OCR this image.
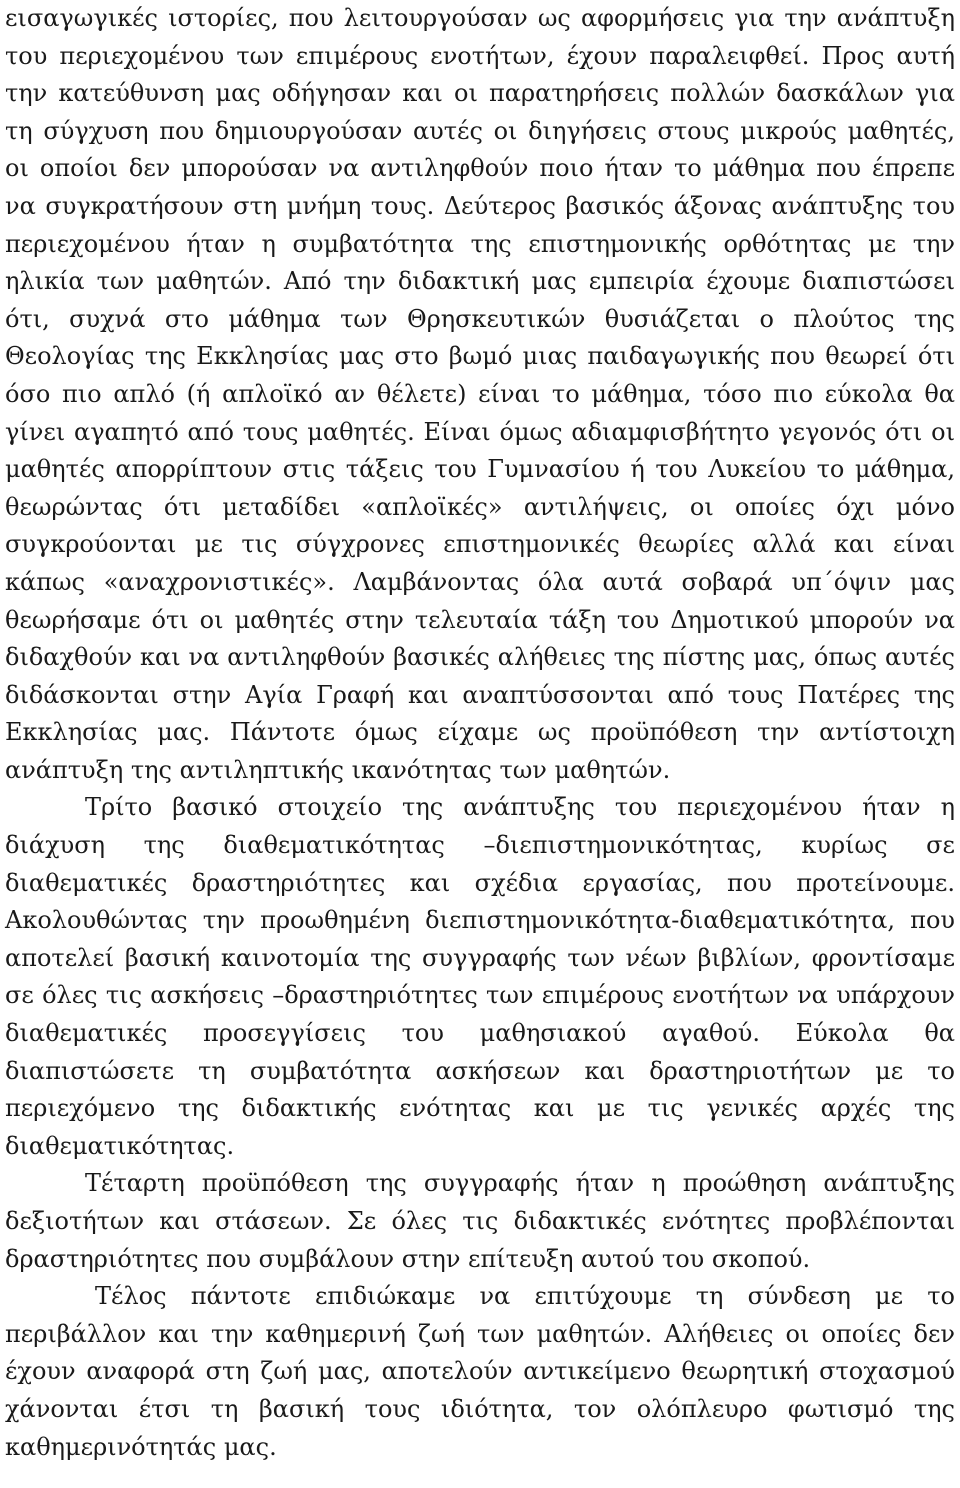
εισαγωγικές ιστορίες, που λειτουργούσαν ως αφορμήσεις για την ανάπτυξη του περιεχομένου των επιμέρους ενοτήτων, έχουν παραλειφθεί. Προς αυτή την κατεύθυνση μας οδήγησαν και οι παρατηρήσεις πολλών δασκάλων για τη σύγχυση που δημιουργούσαν αυτές οι διηγήσεις στους μικρούς μαθητές, οι οποίοι δεν μπορούσαν να αντιληφθούν ποιο ήταν το μάθημα που έπρεπε να συγκρατήσουν στη μνήμη τους. Δεύτερος βασικός άξονας ανάπτυξης του περιεχομένου ήταν η συμβατότητα της επιστημονικής ορθότητας με την ηλικία των μαθητών. Από την διδακτική μας εμπειρία έχουμε διαπιστώσει ότι, συχνά στο μάθημα των Θρησκευτικών θυσιάζεται ο πλούτος της Θεολογίας της Εκκλησίας μας στο βωμό μιας παιδαγωγικής που θεωρεί ότι όσο πιο απλό (ή απλοϊκό αν θέλετε) είναι το μάθημα, τόσο πιο εύκολα θα γίνει αγαπητό από τους μαθητές. Είναι όμως αδιαμφισβήτητο γεγονός ότι οι μαθητές απορρίπτουν στις τάξεις του Γυμνασίου ή του Λυκείου το μάθημα, θεωρώντας ότι μεταδίδει «απλοϊκές» αντιλήψεις, οι οποίες όχι μόνο συγκρούονται με τις σύγχρονες επιστημονικές θεωρίες αλλά και είναι κάπως «αναχρονιστικές». Λαμβάνοντας όλα αυτά σοβαρά υπ΄όψιν μας θεωρήσαμε ότι οι μαθητές στην τελευταία τάξη του Δημοτικού μπορούν να διδαχθούν και να αντιληφθούν βασικές αλήθειες της πίστης μας, όπως αυτές διδάσκονται στην Αγία Γραφή και αναπτύσσονται από τους Πατέρες της Εκκλησίας μας. Πάντοτε όμως είχαμε ως προϋπόθεση την αντίστοιχη ανάπτυξη της αντιληπτικής ικανότητας των μαθητών.

Τρίτο βασικό στοιχείο της ανάπτυξης του περιεχομένου ήταν η διάχυση της διαθεματικότητας –διεπιστημονικότητας, κυρίως σε διαθεματικές δραστηριότητες και σχέδια εργασίας, που προτείνουμε. Ακολουθώντας την προωθημένη διεπιστημονικότητα-διαθεματικότητα, που αποτελεί βασική καινοτομία της συγγραφής των νέων βιβλίων, φροντίσαμε σε όλες τις ασκήσεις –δραστηριότητες των επιμέρους ενοτήτων να υπάρχουν διαθεματικές προσεγγίσεις του μαθησιακού αγαθού. Εύκολα θα διαπιστώσετε τη συμβατότητα ασκήσεων και δραστηριοτήτων με το περιεχόμενο της διδακτικής ενότητας και με τις γενικές αρχές της διαθεματικότητας.

Τέταρτη προϋπόθεση της συγγραφής ήταν η προώθηση ανάπτυξης δεξιοτήτων και στάσεων. Σε όλες τις διδακτικές ενότητες προβλέπονται δραστηριότητες που συμβάλουν στην επίτευξη αυτού του σκοπού.

Τέλος πάντοτε επιδιώκαμε να επιτύχουμε τη σύνδεση με το περιβάλλον και την καθημερινή ζωή των μαθητών. Αλήθειες οι οποίες δεν έχουν αναφορά στη ζωή μας, αποτελούν αντικείμενο θεωρητική στοχασμού χάνονται έτσι τη βασική τους ιδιότητα, τον ολόπλευρο φωτισμό της καθημερινότητάς μας.
